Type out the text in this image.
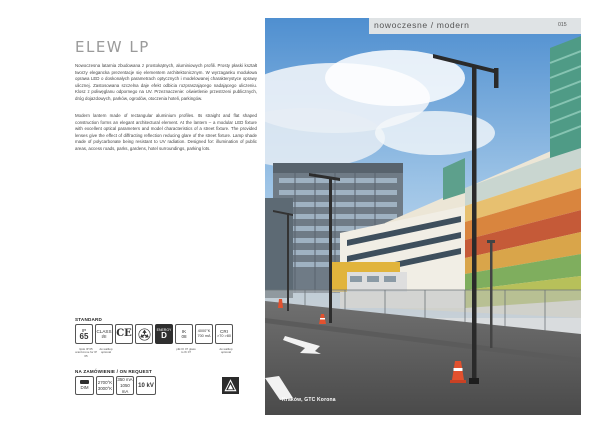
ELEW LP

Nowoczesna latarnia zbudowana z prostokątnych, aluminiowych profili. Prosty płaski kształt tworzy elegancka prezentacje się elementem architektonicznym. W wyrzaganku modułowa oprawa LED o doskonałych parametrach optycznych i modelowanej charakterystyce oprawy ulicznej. Zastosowana szczelna daje efekt odbicia rozpraszającego nadającego uliczeniu. Klosz z poliwęglanu odpornego na UV. Przeznaczenie: oświetlenie przestrzeni publicznych, dróg dojazdowych, parków, ogrodów, otoczenia hoteli, parkingów.

Modern lantern made of rectangular aluminium profiles. Its straight and flat shaped construction forms an elegant architectural element. At the lantern – a modular LED fixture with excellent optical parameters and model characteristics of a street fixture. The provided lenses give the effect of diffracting reflection reducing glare of the street fixture. Lamp shade made of polycarbonate being resistant to UV radiation. Designed for: illumination of public areas, access roads, parks, gardens, hotel surroundings, parking lots.

STANDARD
IP
65
lipsk IP 65 oraz/ozone for IP 65
CLASS
I/II
dé walltop optional
CE	ENERGY
D	IK
08
plik IK 07 glass to IK 07
4000°K
700 mA
CRI
>70 >80
dé walltop optional
NA ZAMÓWIENIE / ON REQUEST
DIM
2700°K
3000°K
350 mA
1050 mA
10 kV
nowoczesne / modern	015
Kraków, GTC Korona
